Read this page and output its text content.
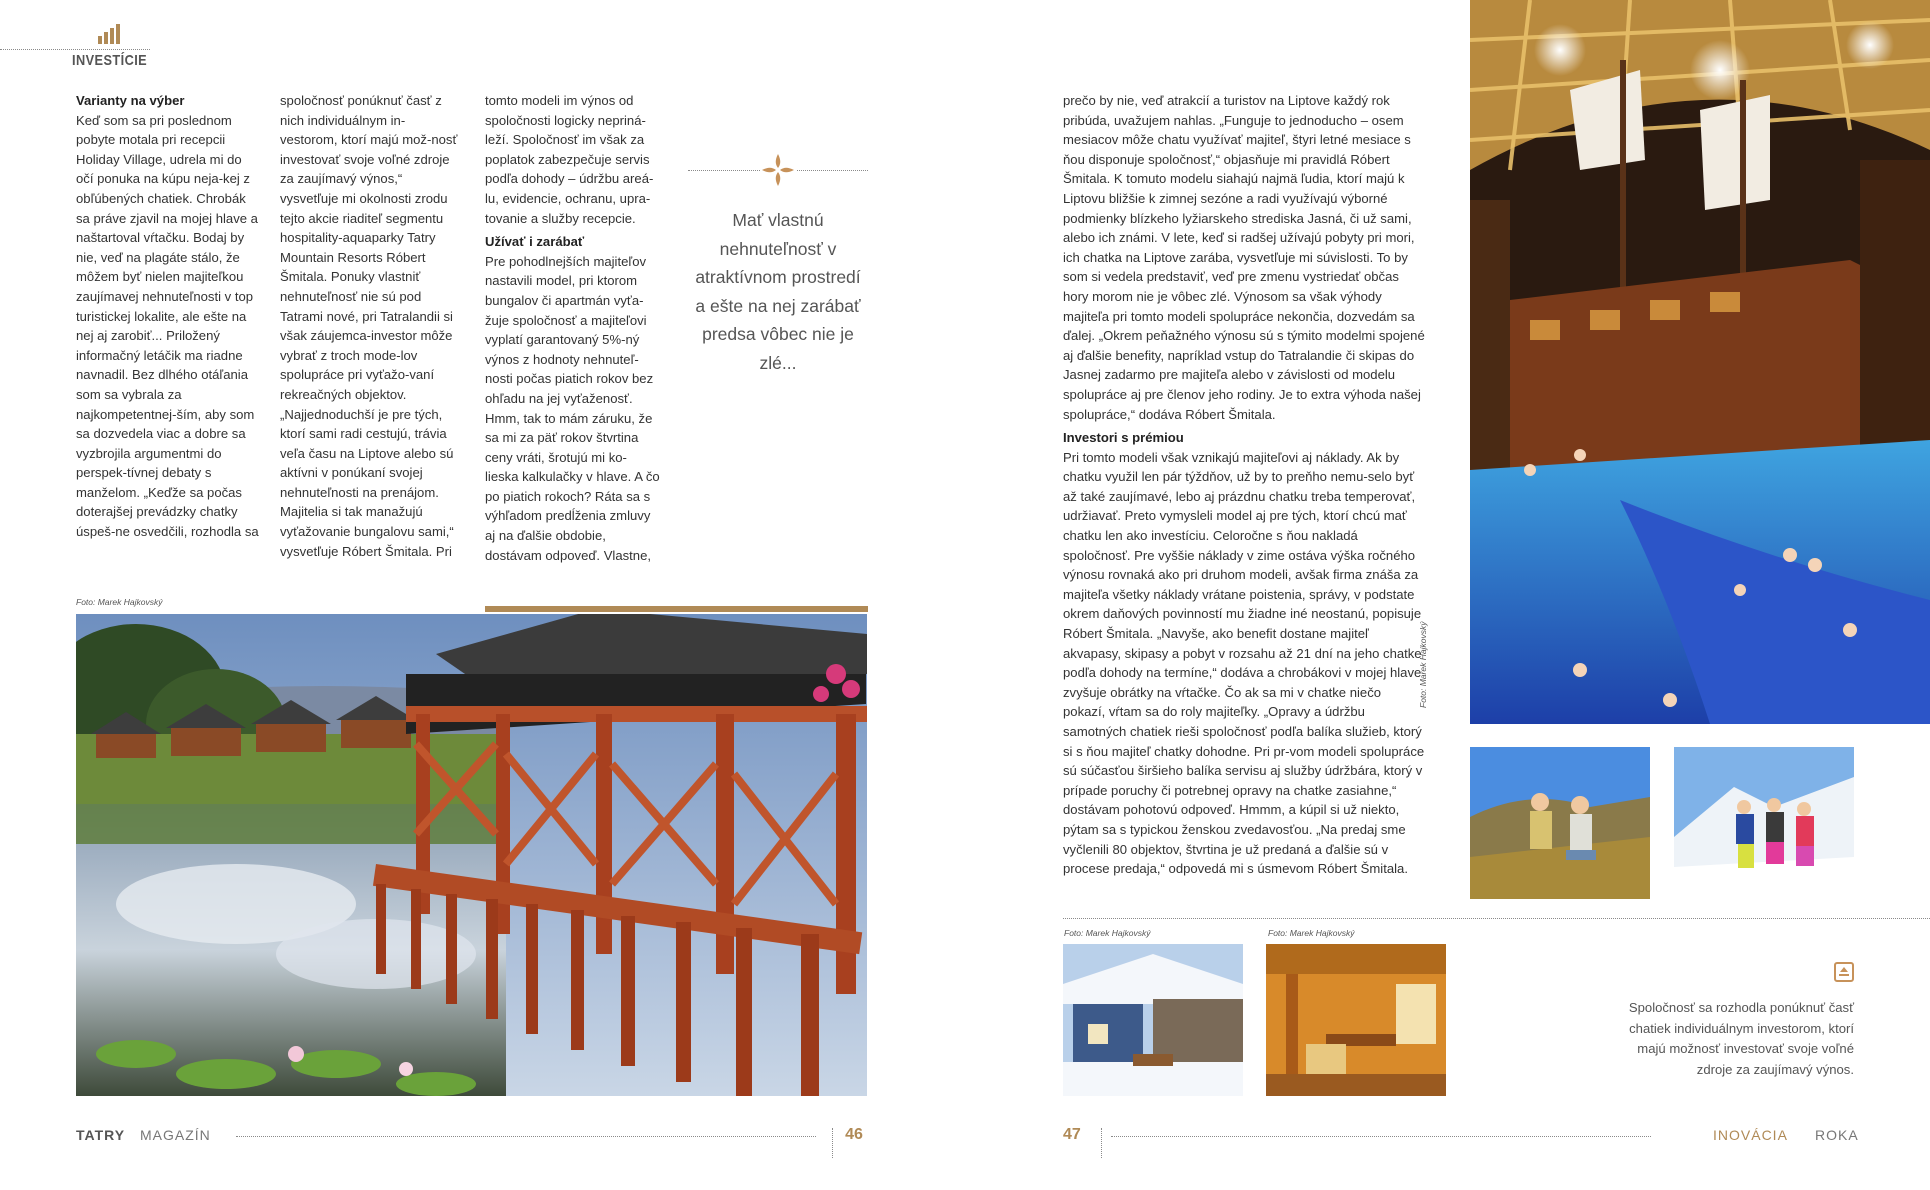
INVESTÍCIE

Varianty na výber

Keď som sa pri poslednom pobyte motala pri recepcii Holiday Village, udrela mi do očí ponuka na kúpu neja-kej z obľúbených chatiek. Chrobák sa práve zjavil na mojej hlave a naštartoval vŕtačku. Bodaj by nie, veď na plagáte stálo, že môžem byť nielen majiteľkou zaujímavej nehnuteľnosti v top turistickej lokalite, ale ešte na nej aj zarobiť... Priložený informačný letáčik ma riadne navnadil. Bez dlhého otáľania som sa vybrala za najkompetentnej-ším, aby som sa dozvedela viac a dobre sa vyzbrojila argumentmi do perspek-tívnej debaty s manželom. „Keďže sa počas doterajšej prevádzky chatky úspeš-ne osvedčili, rozhodla sa

spoločnosť ponúknuť časť z nich individuálnym in-vestorom, ktorí majú mož-nosť investovať svoje voľné zdroje za zaujímavý výnos,“ vysvetľuje mi okolnosti zrodu tejto akcie riaditeľ segmentu hospitality-aquaparky Tatry Mountain Resorts Róbert Šmitala. Ponuky vlastniť nehnuteľnosť nie sú pod Tatrami nové, pri Tatralandii si však záujemca-investor môže vybrať z troch mode-lov spolupráce pri vyťažo-vaní rekreačných objektov. „Najjednoduchší je pre tých, ktorí sami radi cestujú, trávia veľa času na Liptove alebo sú aktívni v ponúkaní svojej nehnuteľnosti na prenájom. Majitelia si tak manažujú vyťažovanie bungalovu sami,“ vysvetľuje Róbert Šmitala. Pri

tomto modeli im výnos od spoločnosti logicky nepriná-leží. Spoločnosť im však za poplatok zabezpečuje servis podľa dohody – údržbu areá-lu, evidencie, ochranu, upra-tovanie a služby recepcie.

Užívať i zarábať

Pre pohodlnejších majiteľov nastavili model, pri ktorom bungalov či apartmán vyťa-žuje spoločnosť a majiteľovi vyplatí garantovaný 5%-ný výnos z hodnoty nehnuteľ-nosti počas piatich rokov bez ohľadu na jej vyťaženosť. Hmm, tak to mám záruku, že sa mi za päť rokov štvrtina ceny vráti, šrotujú mi ko-lieska kalkulačky v hlave. A čo po piatich rokoch? Ráta sa s výhľadom predĺženia zmluvy aj na ďalšie obdobie, dostávam odpoveď. Vlastne,

Mať vlastnú nehnuteľnosť v atraktívnom prostredí a ešte na nej zarábať predsa vôbec nie je zlé...
Foto: Marek Hajkovský
TATRY MAGAZÍN	46

prečo by nie, veď atrakcií a turistov na Liptove každý rok pribúda, uvažujem nahlas. „Funguje to jednoducho – osem mesiacov môže chatu využívať majiteľ, štyri letné mesiace s ňou disponuje spoločnosť,“ objasňuje mi pravidlá Róbert Šmitala. K tomuto modelu siahajú najmä ľudia, ktorí majú k Liptovu bližšie k zimnej sezóne a radi využívajú výborné podmienky blízkeho lyžiarskeho strediska Jasná, či už sami, alebo ich známi. V lete, keď si radšej užívajú pobyty pri mori, ich chatka na Liptove zarába, vysvetľuje mi súvislosti. To by som si vedela predstaviť, veď pre zmenu vystriedať občas hory morom nie je vôbec zlé. Výnosom sa však výhody majiteľa pri tomto modeli spolupráce nekončia, dozvedám sa ďalej. „Okrem peňažného výnosu sú s týmito modelmi spojené aj ďalšie benefity, napríklad vstup do Tatralandie či skipas do Jasnej zadarmo pre majiteľa alebo v závislosti od modelu spolupráce aj pre členov jeho rodiny. Je to extra výhoda našej spolupráce,“ dodáva Róbert Šmitala.

Investori s prémiou

Pri tomto modeli však vznikajú majiteľovi aj náklady. Ak by chatku využil len pár týždňov, už by to preňho nemu-selo byť až také zaujímavé, lebo aj prázdnu chatku treba temperovať, udržiavať. Preto vymysleli model aj pre tých, ktorí chcú mať chatku len ako investíciu. Celoročne s ňou nakladá spoločnosť. Pre vyššie náklady v zime ostáva výška ročného výnosu rovnaká ako pri druhom modeli, avšak firma znáša za majiteľa všetky náklady vrátane poistenia, správy, v podstate okrem daňových povinností mu žiadne iné neostanú, popisuje Róbert Šmitala. „Navyše, ako benefit dostane majiteľ akvapasy, skipasy a pobyt v rozsahu až 21 dní na jeho chatke podľa dohody na termíne,“ dodáva a chrobákovi v mojej hlave zvyšuje obrátky na vŕtačke. Čo ak sa mi v chatke niečo pokazí, vŕtam sa do roly majiteľky. „Opravy a údržbu samotných chatiek rieši spoločnosť podľa balíka služieb, ktorý si s ňou majiteľ chatky dohodne. Pri pr-vom modeli spolupráce sú súčasťou širšieho balíka servisu aj služby údržbára, ktorý v prípade poruchy či potrebnej opravy na chatke zasiahne,“ dostávam pohotovú odpoveď. Hmmm, a kúpil si už niekto, pýtam sa s typickou ženskou zvedavosťou. „Na predaj sme vyčlenili 80 objektov, štvrtina je už predaná a ďalšie sú v procese predaja,“ odpovedá mi s úsmevom Róbert Šmitala.

Foto: Marek Hajkovský
Foto: Marek Hajkovský	Foto: Marek Hajkovský
Spoločnosť sa rozhodla ponúknuť časť chatiek individuálnym investorom, ktorí majú možnosť investovať svoje voľné zdroje za zaujímavý výnos.
47	INOVÁCIA ROKA
